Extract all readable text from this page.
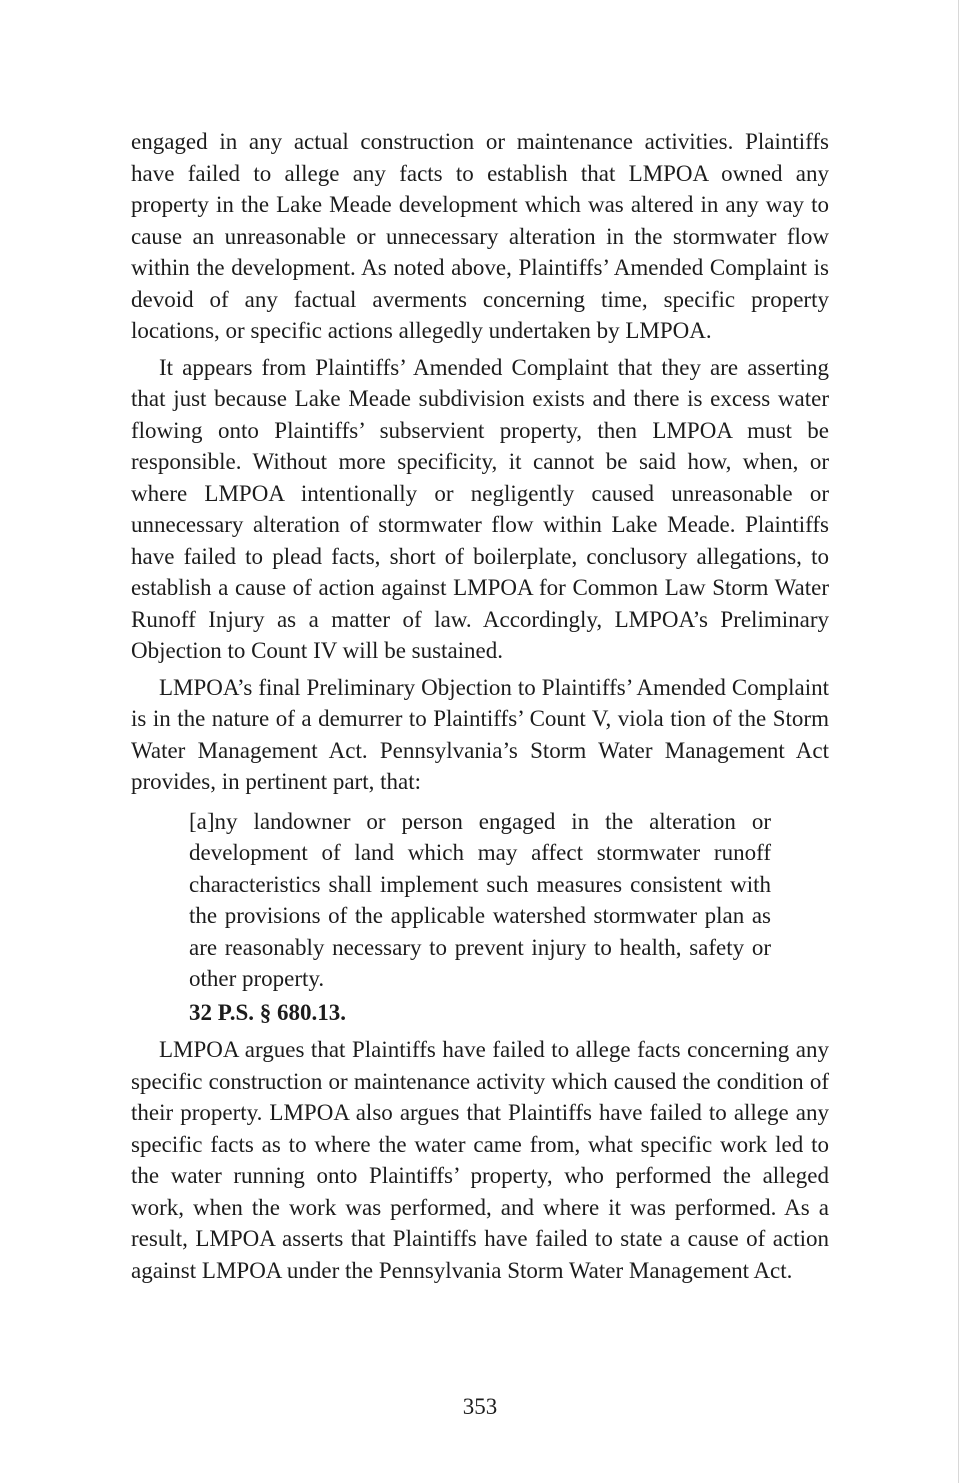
engaged in any actual construction or maintenance activities. Plaintiffs have failed to allege any facts to establish that LMPOA owned any property in the Lake Meade development which was altered in any way to cause an unreasonable or unnecessary alteration in the stormwater flow within the development. As noted above, Plaintiffs’ Amended Complaint is devoid of any factual averments concerning time, specific property locations, or specific actions allegedly undertaken by LMPOA.

It appears from Plaintiffs’ Amended Complaint that they are asserting that just because Lake Meade subdivision exists and there is excess water flowing onto Plaintiffs’ subservient property, then LMPOA must be responsible. Without more specificity, it cannot be said how, when, or where LMPOA intentionally or negligently caused unreasonable or unnecessary alteration of stormwater flow within Lake Meade. Plaintiffs have failed to plead facts, short of boilerplate, conclusory allegations, to establish a cause of action against LMPOA for Common Law Storm Water Runoff Injury as a matter of law. Accordingly, LMPOA’s Preliminary Objection to Count IV will be sustained.

LMPOA’s final Preliminary Objection to Plaintiffs’ Amended Complaint is in the nature of a demurrer to Plaintiffs’ Count V, viola tion of the Storm Water Management Act. Pennsylvania’s Storm Water Management Act provides, in pertinent part, that:

[a]ny landowner or person engaged in the alteration or development of land which may affect stormwater runoff characteristics shall implement such measures consistent with the provisions of the applicable watershed stormwater plan as are reasonably necessary to prevent injury to health, safety or other property.

32 P.S. § 680.13.

LMPOA argues that Plaintiffs have failed to allege facts concerning any specific construction or maintenance activity which caused the condition of their property. LMPOA also argues that Plaintiffs have failed to allege any specific facts as to where the water came from, what specific work led to the water running onto Plaintiffs’ property, who performed the alleged work, when the work was performed, and where it was performed. As a result, LMPOA asserts that Plaintiffs have failed to state a cause of action against LMPOA under the Pennsylvania Storm Water Management Act.

353
